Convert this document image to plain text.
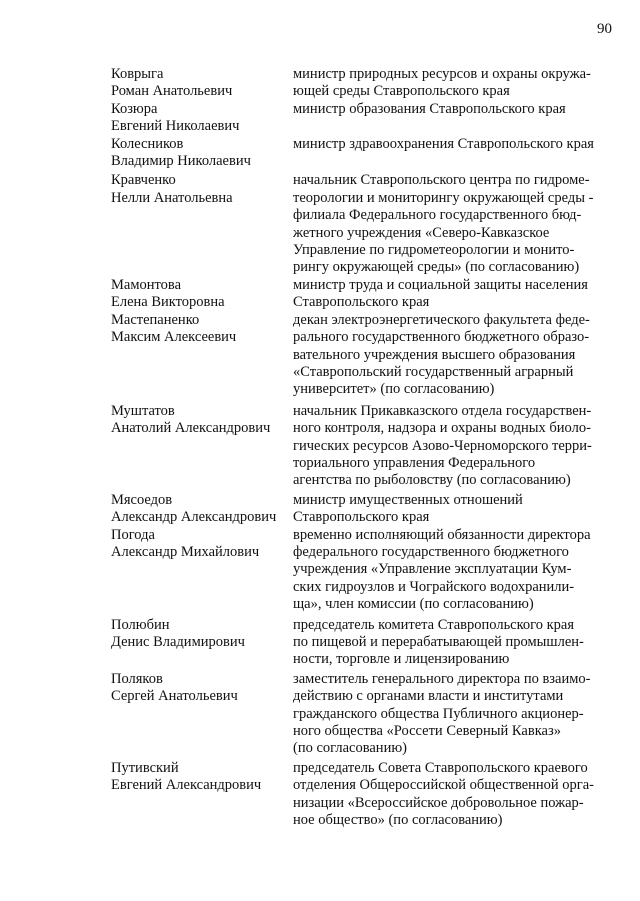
90
Коврыга
Роман Анатольевич
министр природных ресурсов и охраны окружа-
ющей среды Ставропольского края
Козюра
Евгений Николаевич
министр образования Ставропольского края
Колесников
Владимир Николаевич
министр здравоохранения Ставропольского края
Кравченко
Нелли Анатольевна
начальник Ставропольского центра по гидроме-
теорологии и мониторингу окружающей среды -
филиала Федерального государственного бюд-
жетного учреждения «Северо-Кавказское
Управление по гидрометеорологии и монито-
рингу окружающей среды» (по согласованию)
Мамонтова
Елена Викторовна
министр труда и социальной защиты населения
Ставропольского края
Мастепаненко
Максим Алексеевич
декан электроэнергетического факультета феде-
рального государственного бюджетного образо-
вательного учреждения высшего образования
«Ставропольский государственный аграрный
университет» (по согласованию)
Муштатов
Анатолий Александрович
начальник Прикавказского отдела государствен-
ного контроля, надзора и охраны водных биоло-
гических ресурсов Азово-Черноморского терри-
ториального управления Федерального
агентства по рыболовству (по согласованию)
Мясоедов
Александр Александрович
министр имущественных отношений
Ставропольского края
Погода
Александр Михайлович
временно исполняющий обязанности директора
федерального государственного бюджетного
учреждения «Управление эксплуатации Кум-
ских гидроузлов и Чограйского водохранили-
ща», член комиссии (по согласованию)
Полюбин
Денис Владимирович
председатель комитета Ставропольского края
по пищевой и перерабатывающей промышлен-
ности, торговле и лицензированию
Поляков
Сергей Анатольевич
заместитель генерального директора по взаимо-
действию с органами власти и институтами
гражданского общества Публичного акционер-
ного общества «Россети Северный Кавказ»
(по согласованию)
Путивский
Евгений Александрович
председатель Совета Ставропольского краевого
отделения Общероссийской общественной орга-
низации «Всероссийское добровольное пожар-
ное общество» (по согласованию)
